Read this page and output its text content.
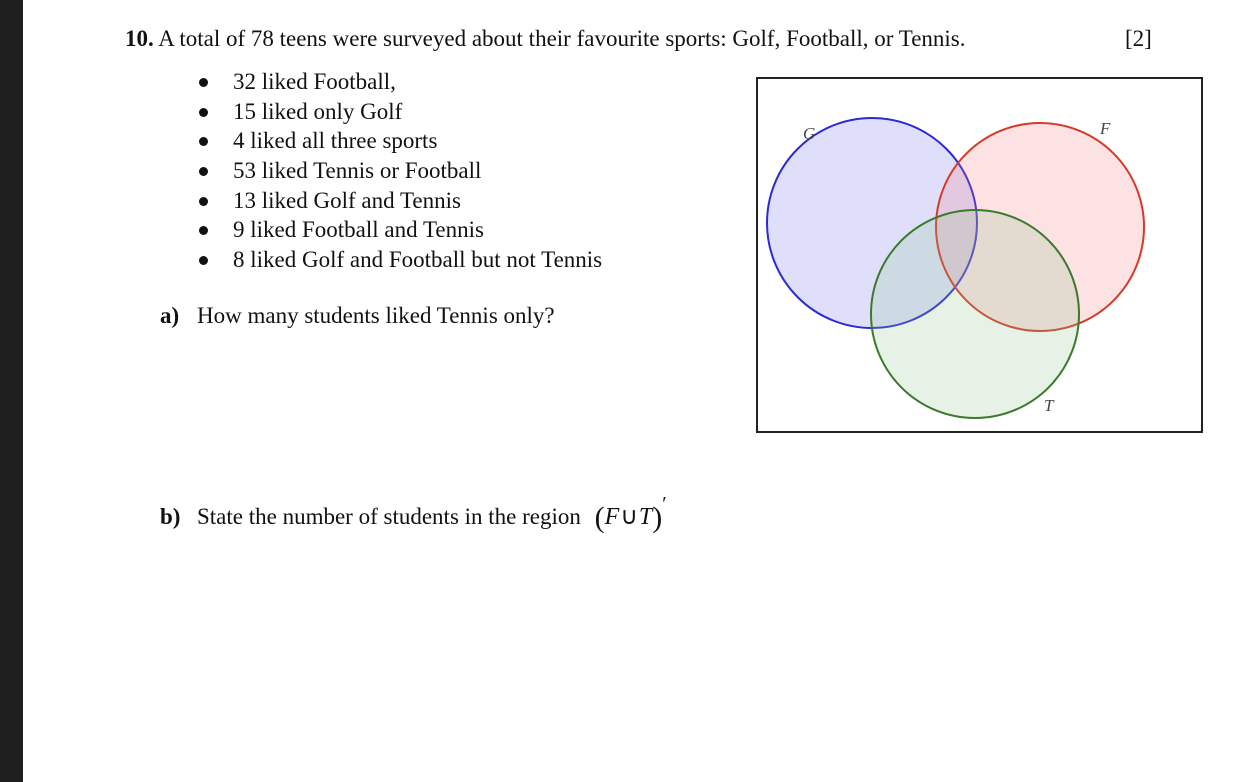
10. A total of 78 teens were surveyed about their favourite sports: Golf, Football, or Tennis.	[2]
32 liked Football,
15 liked only Golf
4 liked all three sports
53 liked Tennis or Football
13 liked Golf and Tennis
9 liked Football and Tennis
8 liked Golf and Football but not Tennis
a) How many students liked Tennis only?
b) State the number of students in the region (F∪T)′
G	F
T
